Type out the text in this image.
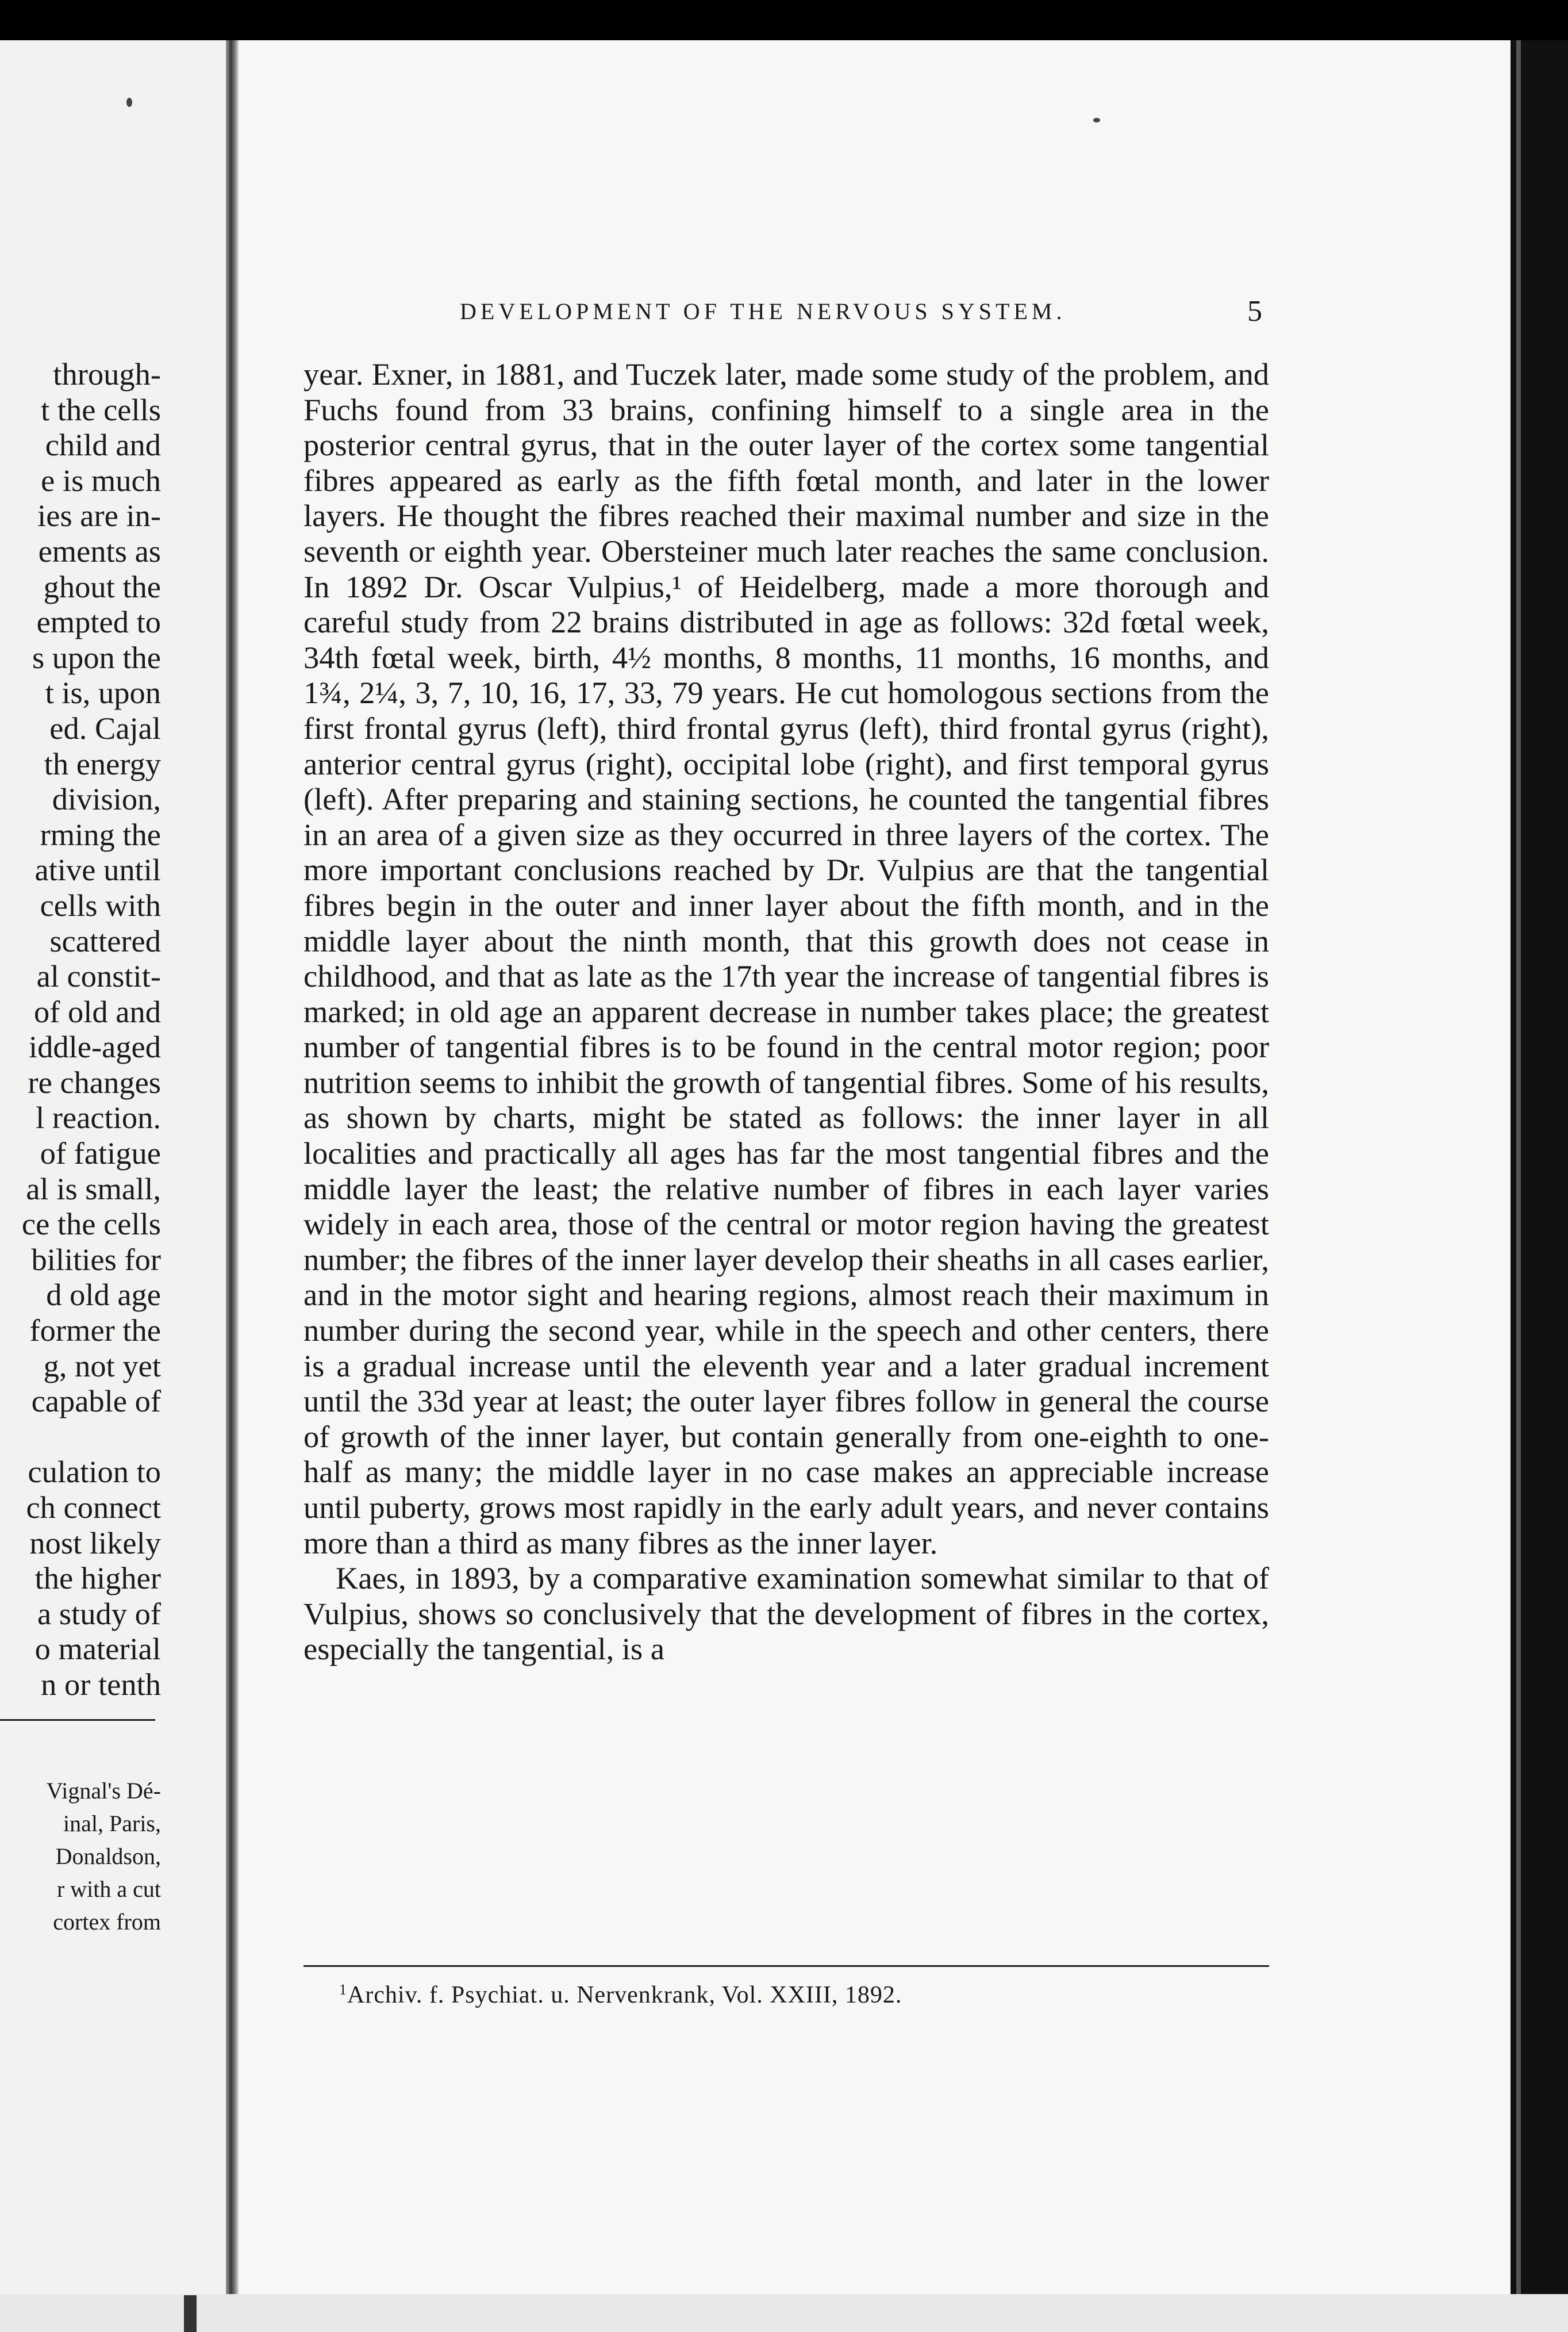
through-
t the cells
child and
e is much
ies are in-
ements as
ghout the
empted to
s upon the
t is, upon
ed. Cajal
th energy
division,
rming the
ative until
cells with
scattered
al constit-
of old and
iddle-aged
re changes
l reaction.
of fatigue
al is small,
ce the cells
bilities for
d old age
former the
g, not yet
capable of
culation to
ch connect
nost likely
the higher
a study of
o material
n or tenth
Vignal's Dé-
inal, Paris,
Donaldson,
r with a cut
cortex from
DEVELOPMENT OF THE NERVOUS SYSTEM.	5

year. Exner, in 1881, and Tuczek later, made some study of the problem, and Fuchs found from 33 brains, confining himself to a single area in the posterior central gyrus, that in the outer layer of the cortex some tangential fibres appeared as early as the fifth fœtal month, and later in the lower layers. He thought the fibres reached their maximal number and size in the seventh or eighth year. Obersteiner much later reaches the same conclusion. In 1892 Dr. Oscar Vulpius,¹ of Heidelberg, made a more thorough and careful study from 22 brains distributed in age as follows: 32d fœtal week, 34th fœtal week, birth, 4½ months, 8 months, 11 months, 16 months, and 1¾, 2¼, 3, 7, 10, 16, 17, 33, 79 years. He cut homologous sections from the first frontal gyrus (left), third frontal gyrus (left), third frontal gyrus (right), anterior central gyrus (right), occipital lobe (right), and first temporal gyrus (left). After preparing and staining sections, he counted the tangential fibres in an area of a given size as they occurred in three layers of the cortex. The more important conclusions reached by Dr. Vulpius are that the tangential fibres begin in the outer and inner layer about the fifth month, and in the middle layer about the ninth month, that this growth does not cease in childhood, and that as late as the 17th year the increase of tangential fibres is marked; in old age an apparent decrease in number takes place; the greatest number of tangential fibres is to be found in the central motor region; poor nutrition seems to inhibit the growth of tangential fibres. Some of his results, as shown by charts, might be stated as follows: the inner layer in all localities and practically all ages has far the most tangential fibres and the middle layer the least; the relative number of fibres in each layer varies widely in each area, those of the central or motor region having the greatest number; the fibres of the inner layer develop their sheaths in all cases earlier, and in the motor sight and hearing regions, almost reach their maximum in number during the second year, while in the speech and other centers, there is a gradual increase until the eleventh year and a later gradual increment until the 33d year at least; the outer layer fibres follow in general the course of growth of the inner layer, but contain generally from one-eighth to one-half as many; the middle layer in no case makes an appreciable increase until puberty, grows most rapidly in the early adult years, and never contains more than a third as many fibres as the inner layer.

Kaes, in 1893, by a comparative examination somewhat similar to that of Vulpius, shows so conclusively that the development of fibres in the cortex, especially the tangential, is a

$^1$Archiv. f. Psychiat. u. Nervenkrank, Vol. XXIII, 1892.
